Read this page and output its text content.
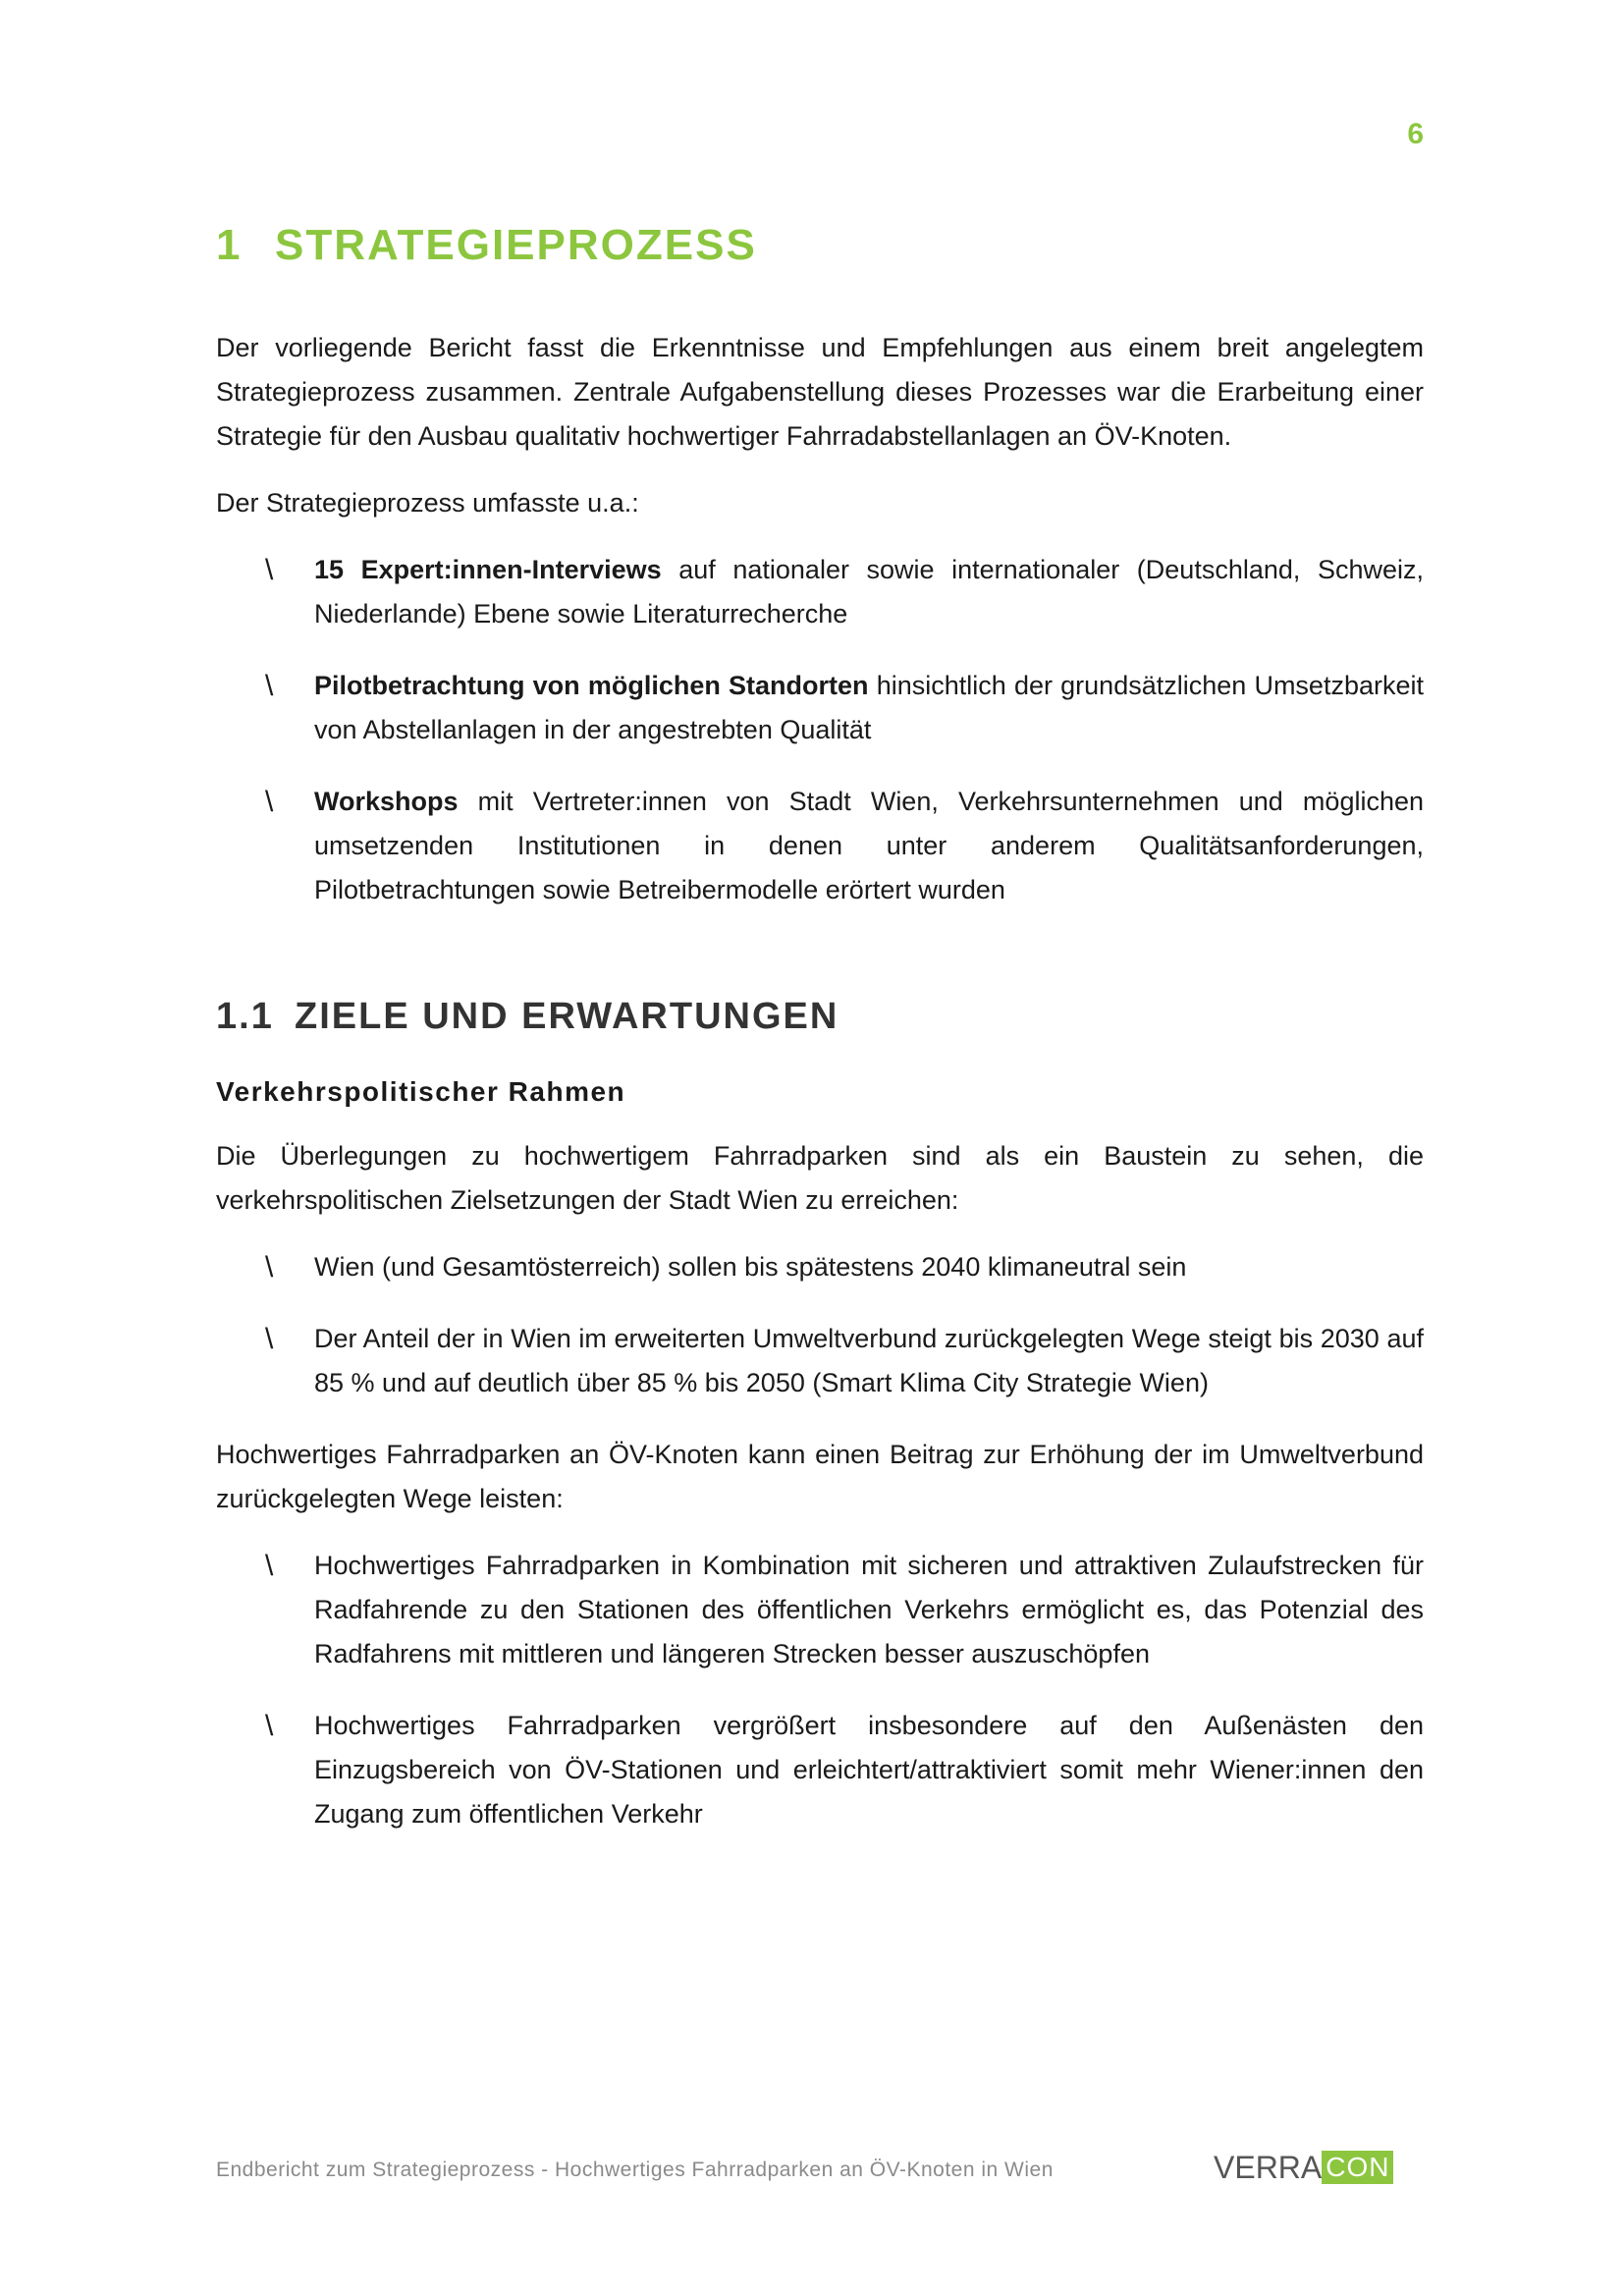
6
1 STRATEGIEPROZESS

Der vorliegende Bericht fasst die Erkenntnisse und Empfehlungen aus einem breit angelegtem Strategieprozess zusammen. Zentrale Aufgabenstellung dieses Prozesses war die Erarbeitung einer Strategie für den Ausbau qualitativ hochwertiger Fahrradabstellanlagen an ÖV-Knoten.

Der Strategieprozess umfasste u.a.:

\ 15 Expert:innen-Interviews auf nationaler sowie internationaler (Deutschland, Schweiz, Niederlande) Ebene sowie Literaturrecherche
\ Pilotbetrachtung von möglichen Standorten hinsichtlich der grundsätzlichen Umsetzbarkeit von Abstellanlagen in der angestrebten Qualität
\ Workshops mit Vertreter:innen von Stadt Wien, Verkehrsunternehmen und möglichen umsetzenden Institutionen in denen unter anderem Qualitätsanforderungen, Pilotbetrachtungen sowie Betreibermodelle erörtert wurden
1.1 ZIELE UND ERWARTUNGEN
Verkehrspolitischer Rahmen

Die Überlegungen zu hochwertigem Fahrradparken sind als ein Baustein zu sehen, die verkehrspolitischen Zielsetzungen der Stadt Wien zu erreichen:

\ Wien (und Gesamtösterreich) sollen bis spätestens 2040 klimaneutral sein
\ Der Anteil der in Wien im erweiterten Umweltverbund zurückgelegten Wege steigt bis 2030 auf 85 % und auf deutlich über 85 % bis 2050 (Smart Klima City Strategie Wien)

Hochwertiges Fahrradparken an ÖV-Knoten kann einen Beitrag zur Erhöhung der im Umweltverbund zurückgelegten Wege leisten:

\ Hochwertiges Fahrradparken in Kombination mit sicheren und attraktiven Zulaufstrecken für Radfahrende zu den Stationen des öffentlichen Verkehrs ermöglicht es, das Potenzial des Radfahrens mit mittleren und längeren Strecken besser auszuschöpfen
\ Hochwertiges Fahrradparken vergrößert insbesondere auf den Außenästen den Einzugsbereich von ÖV-Stationen und erleichtert/attraktiviert somit mehr Wiener:innen den Zugang zum öffentlichen Verkehr
Endbericht zum Strategieprozess - Hochwertiges Fahrradparken an ÖV-Knoten in Wien	VERRA CON
